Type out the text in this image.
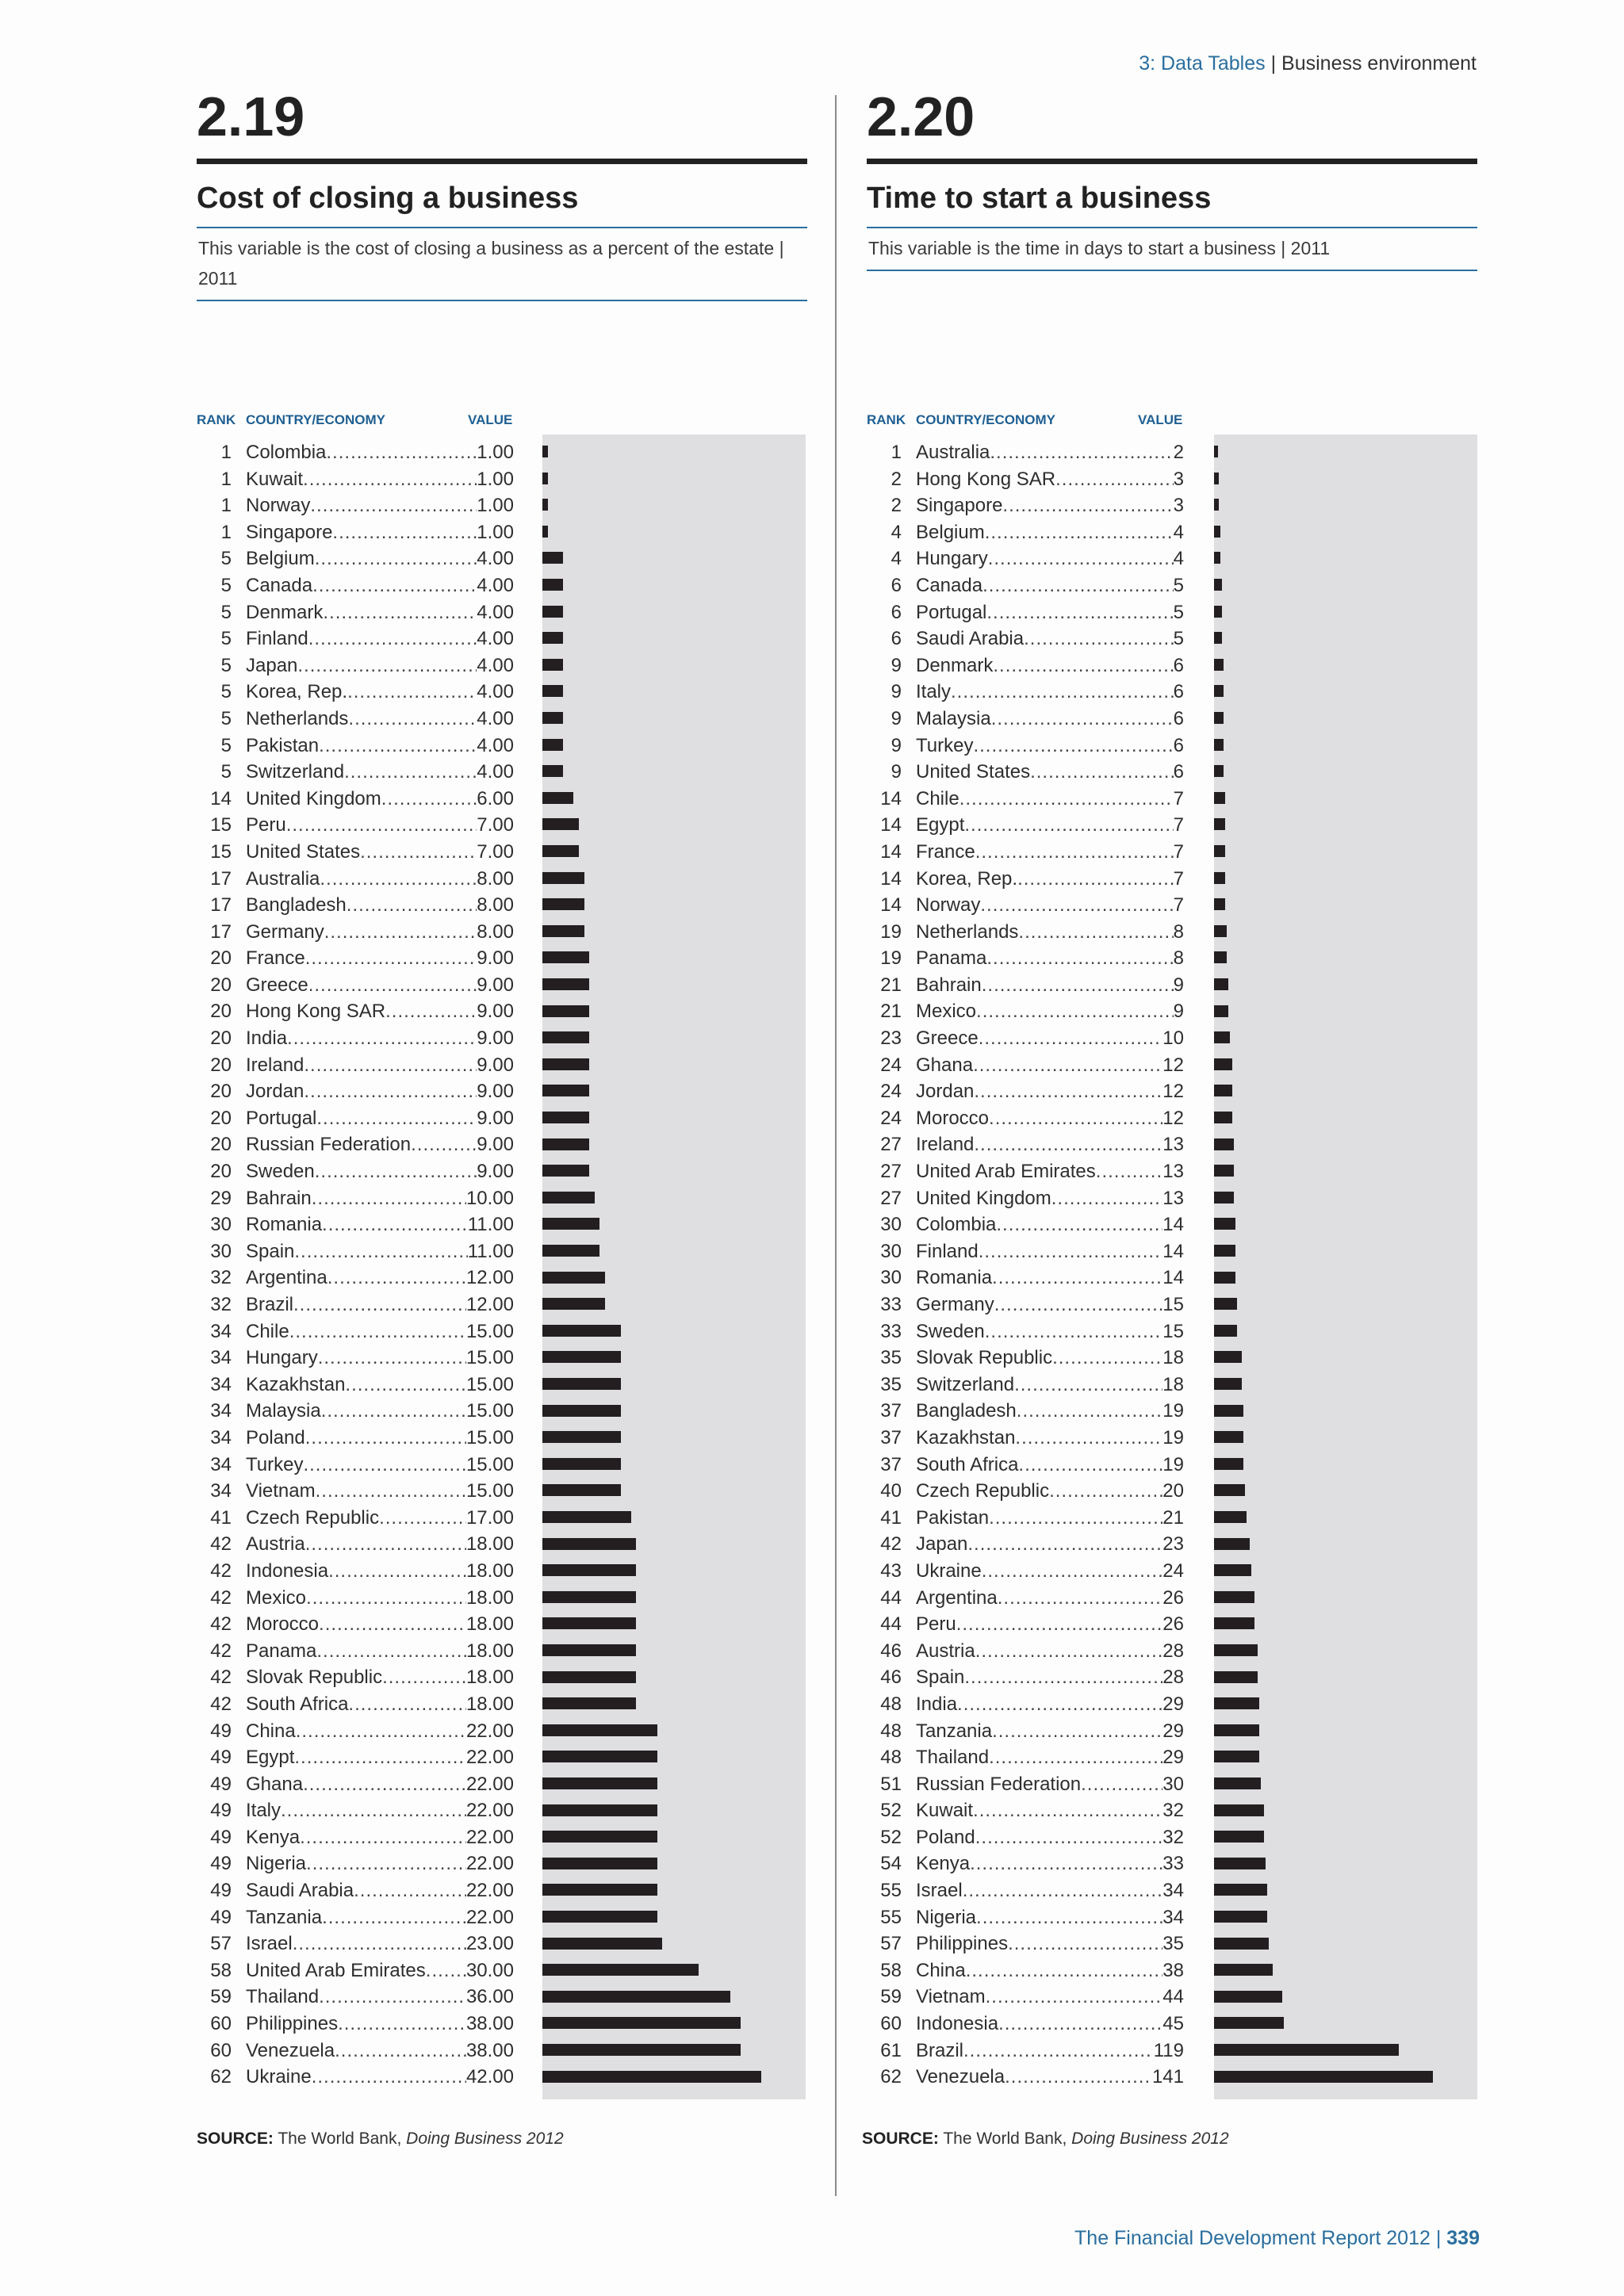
3: Data Tables | Business environment
2.19
Cost of closing a business
This variable is the cost of closing a business as a percent of the estate | 2011
RANK COUNTRY/ECONOMY	VALUE
1 Colombia .....	1.00
1 Kuwait .....	1.00
1 Norway .....	1.00
1 Singapore .....	1.00
5 Belgium .....	4.00
5 Canada .....	4.00
5 Denmark .....	4.00
5 Finland .....	4.00
5 Japan .....	4.00
5 Korea, Rep. .....	4.00
5 Netherlands .....	4.00
5 Pakistan .....	4.00
5 Switzerland .....	4.00
14 United Kingdom .....	6.00
15 Peru .....	7.00
15 United States .....	7.00
17 Australia .....	8.00
17 Bangladesh .....	8.00
17 Germany .....	8.00
20 France .....	9.00
20 Greece .....	9.00
20 Hong Kong SAR .....	9.00
20 India .....	9.00
20 Ireland .....	9.00
20 Jordan .....	9.00
20 Portugal .....	9.00
20 Russian Federation .....	9.00
20 Sweden .....	9.00
29 Bahrain .....	10.00
30 Romania .....	11.00
30 Spain .....	11.00
32 Argentina .....	12.00
32 Brazil .....	12.00
34 Chile .....	15.00
34 Hungary .....	15.00
34 Kazakhstan .....	15.00
34 Malaysia .....	15.00
34 Poland .....	15.00
34 Turkey .....	15.00
34 Vietnam .....	15.00
41 Czech Republic .....	17.00
42 Austria .....	18.00
42 Indonesia .....	18.00
42 Mexico .....	18.00
42 Morocco .....	18.00
42 Panama .....	18.00
42 Slovak Republic .....	18.00
42 South Africa .....	18.00
49 China .....	22.00
49 Egypt .....	22.00
49 Ghana .....	22.00
49 Italy .....	22.00
49 Kenya .....	22.00
49 Nigeria .....	22.00
49 Saudi Arabia .....	22.00
49 Tanzania .....	22.00
57 Israel .....	23.00
58 United Arab Emirates ..... 30.00
59 Thailand .....	36.00
60 Philippines .....	38.00
60 Venezuela .....	38.00
62 Ukraine .....	42.00
SOURCE: The World Bank, Doing Business 2012
2.20
Time to start a business
This variable is the time in days to start a business | 2011
RANK COUNTRY/ECONOMY	VALUE
1 Australia .....	2
2 Hong Kong SAR .....	3
2 Singapore .....	3
4 Belgium .....	4
4 Hungary .....	4
6 Canada .....	5
6 Portugal .....	5
6 Saudi Arabia .....	5
9 Denmark .....	6
9 Italy .....	6
9 Malaysia .....	6
9 Turkey .....	6
9 United States .....	6
14 Chile .....	7
14 Egypt .....	7
14 France .....	7
14 Korea, Rep. .....	7
14 Norway .....	7
19 Netherlands .....	8
19 Panama .....	8
21 Bahrain .....	9
21 Mexico .....	9
23 Greece .....	10
24 Ghana .....	12
24 Jordan .....	12
24 Morocco .....	12
27 Ireland .....	13
27 United Arab Emirates .....	13
27 United Kingdom .....	13
30 Colombia .....	14
30 Finland .....	14
30 Romania .....	14
33 Germany .....	15
33 Sweden .....	15
35 Slovak Republic .....	18
35 Switzerland .....	18
37 Bangladesh .....	19
37 Kazakhstan .....	19
37 South Africa .....	19
40 Czech Republic .....	20
41 Pakistan .....	21
42 Japan .....	23
43 Ukraine .....	24
44 Argentina .....	26
44 Peru .....	26
46 Austria .....	28
46 Spain .....	28
48 India .....	29
48 Tanzania .....	29
48 Thailand .....	29
51 Russian Federation .....	30
52 Kuwait .....	32
52 Poland .....	32
54 Kenya .....	33
55 Israel .....	34
55 Nigeria .....	34
57 Philippines .....	35
58 China .....	38
59 Vietnam .....	44
60 Indonesia .....	45
61 Brazil .....	119
62 Venezuela .....	141
SOURCE: The World Bank, Doing Business 2012
The Financial Development Report 2012 | 339
